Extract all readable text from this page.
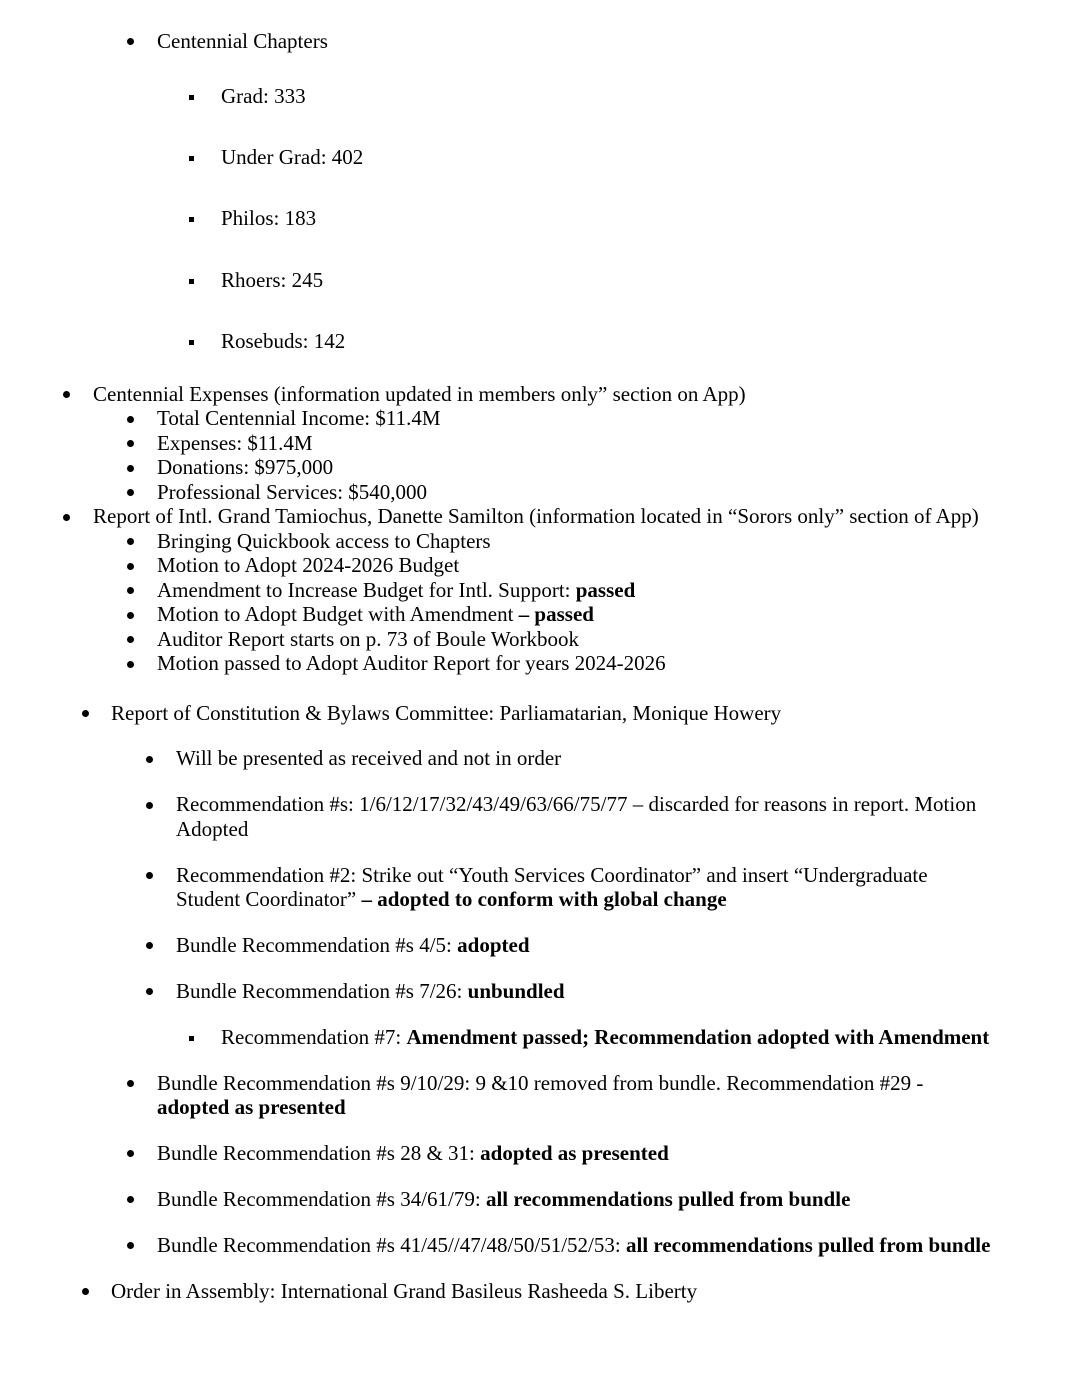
Centennial Chapters
Grad: 333
Under Grad: 402
Philos: 183
Rhoers: 245
Rosebuds: 142
Centennial Expenses (information updated in members only” section on App)
Total Centennial Income: $11.4M
Expenses: $11.4M
Donations: $975,000
Professional Services: $540,000
Report of Intl. Grand Tamiochus, Danette Samilton (information located in “Sorors only” section of App)
Bringing Quickbook access to Chapters
Motion to Adopt 2024-2026 Budget
Amendment to Increase Budget for Intl. Support: passed
Motion to Adopt Budget with Amendment – passed
Auditor Report starts on p. 73 of Boule Workbook
Motion passed to Adopt Auditor Report for years 2024-2026
Report of Constitution & Bylaws Committee: Parliamatarian, Monique Howery
Will be presented as received and not in order
Recommendation #s: 1/6/12/17/32/43/49/63/66/75/77 – discarded for reasons in report. Motion
Adopted
Recommendation #2: Strike out “Youth Services Coordinator” and insert “Undergraduate
Student Coordinator” – adopted to conform with global change
Bundle Recommendation #s 4/5: adopted
Bundle Recommendation #s 7/26: unbundled
Recommendation #7: Amendment passed; Recommendation adopted with Amendment
Bundle Recommendation #s 9/10/29: 9 &10 removed from bundle. Recommendation #29 -
adopted as presented
Bundle Recommendation #s 28 & 31: adopted as presented
Bundle Recommendation #s 34/61/79: all recommendations pulled from bundle
Bundle Recommendation #s 41/45//47/48/50/51/52/53: all recommendations pulled from bundle
Order in Assembly: International Grand Basileus Rasheeda S. Liberty
